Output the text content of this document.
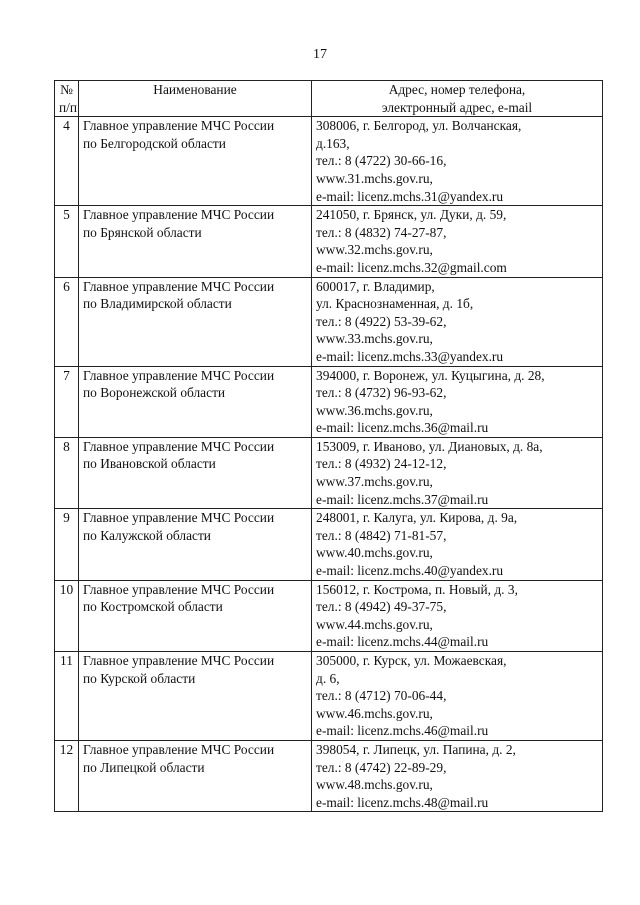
17
№
п/п	Наименование	Адрес, номер телефона,
электронный адрес, e-mail

4	Главное управление МЧС России
по Белгородской области	308006, г. Белгород, ул. Волчанская,
д.163,
тел.: 8 (4722) 30-66-16,
www.31.mchs.gov.ru,
e-mail: licenz.mchs.31@yandex.ru

5	Главное управление МЧС России
по Брянской области	241050, г. Брянск, ул. Дуки, д. 59,
тел.: 8 (4832) 74-27-87,
www.32.mchs.gov.ru,
e-mail: licenz.mchs.32@gmail.com

6	Главное управление МЧС России
по Владимирской области	600017, г. Владимир,
ул. Краснознаменная, д. 1б,
тел.: 8 (4922) 53-39-62,
www.33.mchs.gov.ru,
e-mail: licenz.mchs.33@yandex.ru

7	Главное управление МЧС России
по Воронежской области	394000, г. Воронеж, ул. Куцыгина, д. 28,
тел.: 8 (4732) 96-93-62,
www.36.mchs.gov.ru,
e-mail: licenz.mchs.36@mail.ru

8	Главное управление МЧС России
по Ивановской области	153009, г. Иваново, ул. Диановых, д. 8а,
тел.: 8 (4932) 24-12-12,
www.37.mchs.gov.ru,
e-mail: licenz.mchs.37@mail.ru

9	Главное управление МЧС России
по Калужской области	248001, г. Калуга, ул. Кирова, д. 9а,
тел.: 8 (4842) 71-81-57,
www.40.mchs.gov.ru,
e-mail: licenz.mchs.40@yandex.ru

10	Главное управление МЧС России
по Костромской области	156012, г. Кострома, п. Новый, д. 3,
тел.: 8 (4942) 49-37-75,
www.44.mchs.gov.ru,
e-mail: licenz.mchs.44@mail.ru

11	Главное управление МЧС России
по Курской области	305000, г. Курск, ул. Можаевская,
д. 6,
тел.: 8 (4712) 70-06-44,
www.46.mchs.gov.ru,
e-mail: licenz.mchs.46@mail.ru

12	Главное управление МЧС России
по Липецкой области	398054, г. Липецк, ул. Папина, д. 2,
тел.: 8 (4742) 22-89-29,
www.48.mchs.gov.ru,
e-mail: licenz.mchs.48@mail.ru
